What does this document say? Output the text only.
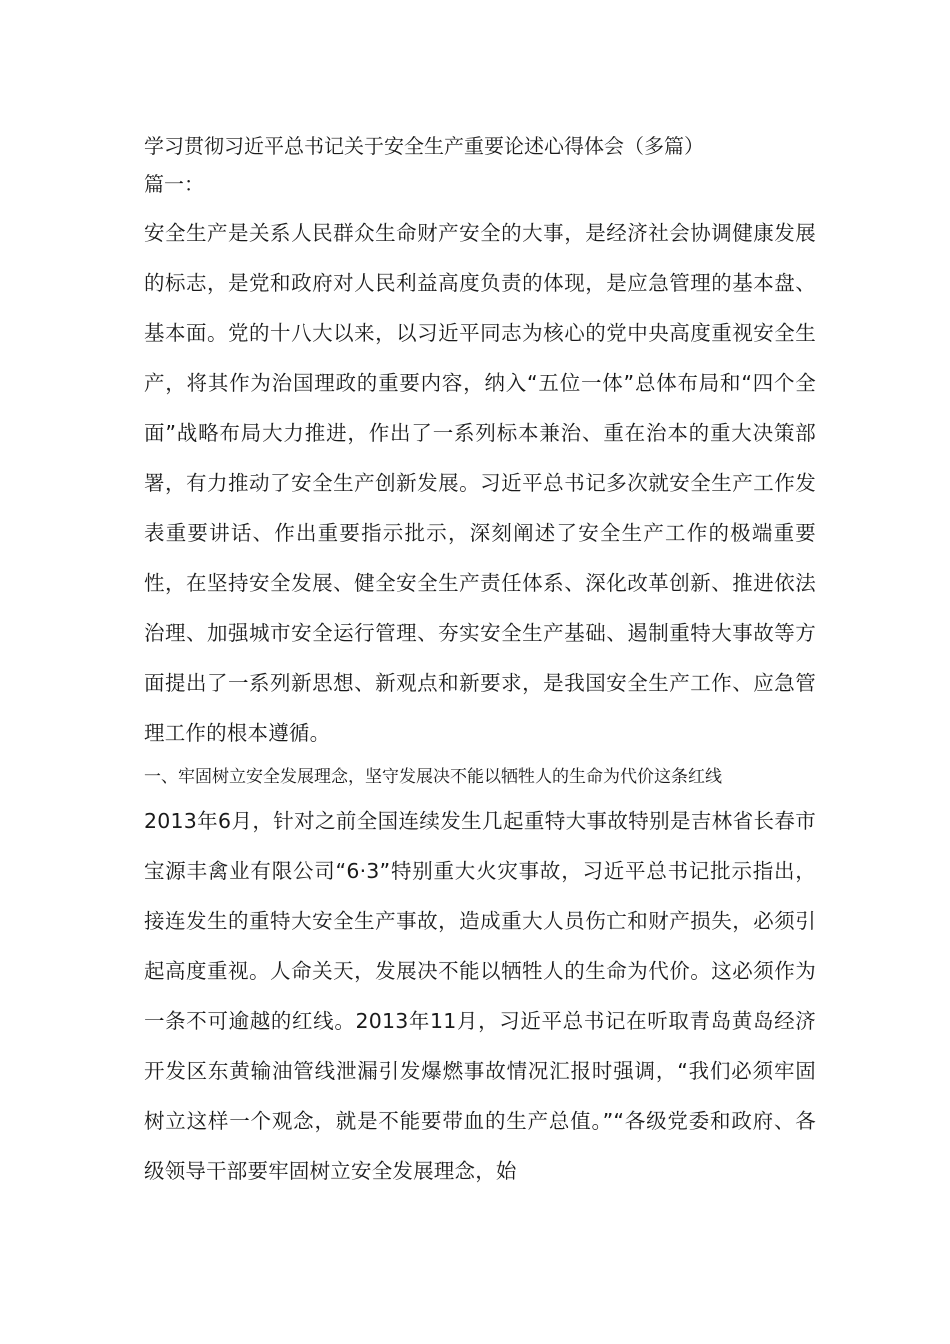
学习贯彻习近平总书记关于安全生产重要论述心得体会（多篇）

篇一：

安全生产是关系人民群众生命财产安全的大事，是经济社会协调健康发展的标志，是党和政府对人民利益高度负责的体现，是应急管理的基本盘、基本面。党的十八大以来，以习近平同志为核心的党中央高度重视安全生产，将其作为治国理政的重要内容，纳入“五位一体”总体布局和“四个全面”战略布局大力推进，作出了一系列标本兼治、重在治本的重大决策部署，有力推动了安全生产创新发展。习近平总书记多次就安全生产工作发表重要讲话、作出重要指示批示，深刻阐述了安全生产工作的极端重要性，在坚持安全发展、健全安全生产责任体系、深化改革创新、推进依法治理、加强城市安全运行管理、夯实安全生产基础、遏制重特大事故等方面提出了一系列新思想、新观点和新要求，是我国安全生产工作、应急管理工作的根本遵循。

一、牢固树立安全发展理念，坚守发展决不能以牺牲人的生命为代价这条红线

2013年6月，针对之前全国连续发生几起重特大事故特别是吉林省长春市宝源丰禽业有限公司“6·3”特别重大火灾事故，习近平总书记批示指出，接连发生的重特大安全生产事故，造成重大人员伤亡和财产损失，必须引起高度重视。人命关天，发展决不能以牺牲人的生命为代价。这必须作为一条不可逾越的红线。2013年11月，习近平总书记在听取青岛黄岛经济开发区东黄输油管线泄漏引发爆燃事故情况汇报时强调，“我们必须牢固树立这样一个观念，就是不能要带血的生产总值。”“各级党委和政府、各级领导干部要牢固树立安全发展理念，始
